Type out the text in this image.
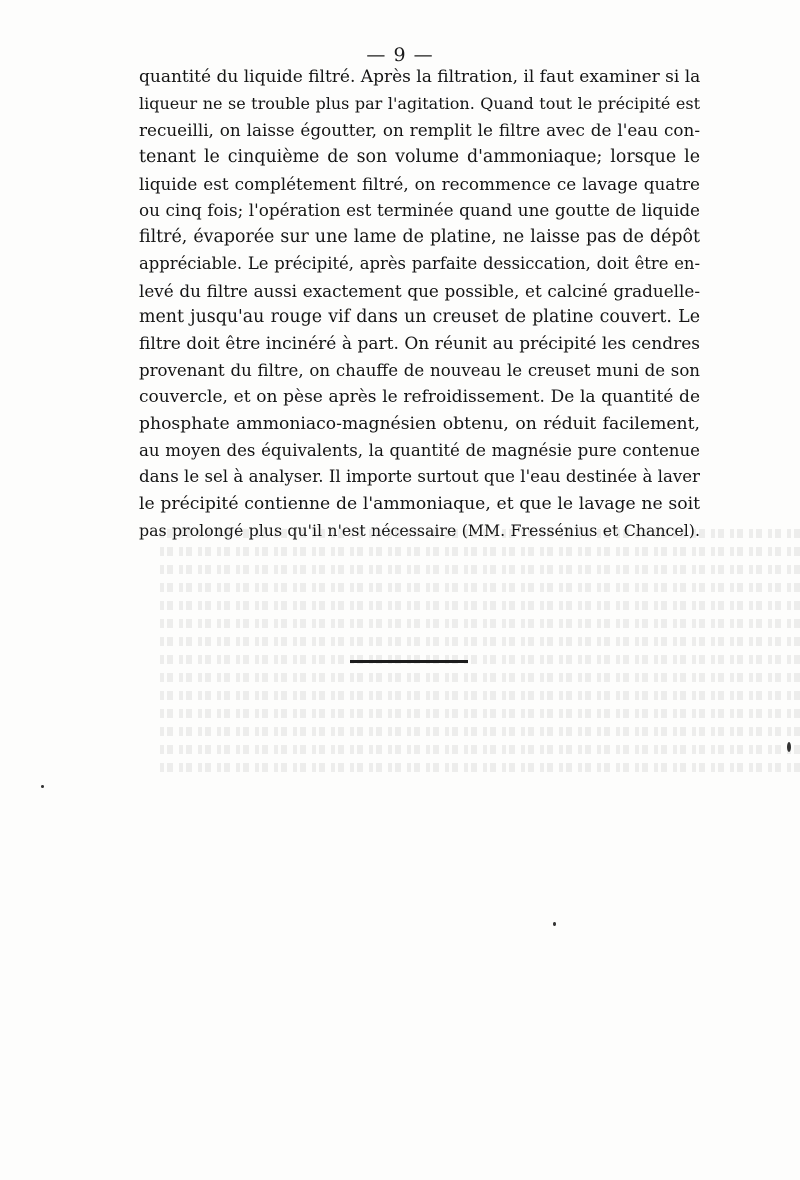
— 9 —
quantité du liquide filtré. Après la filtration, il faut examiner si la
liqueur ne se trouble plus par l'agitation. Quand tout le précipité est
recueilli, on laisse égoutter, on remplit le filtre avec de l'eau con-
tenant le cinquième de son volume d'ammoniaque; lorsque le
liquide est complétement filtré, on recommence ce lavage quatre
ou cinq fois; l'opération est terminée quand une goutte de liquide
filtré, évaporée sur une lame de platine, ne laisse pas de dépôt
appréciable. Le précipité, après parfaite dessiccation, doit être en-
levé du filtre aussi exactement que possible, et calciné graduelle-
ment jusqu'au rouge vif dans un creuset de platine couvert. Le
filtre doit être incinéré à part. On réunit au précipité les cendres
provenant du filtre, on chauffe de nouveau le creuset muni de son
couvercle, et on pèse après le refroidissement. De la quantité de
phosphate ammoniaco-magnésien obtenu, on réduit facilement,
au moyen des équivalents, la quantité de magnésie pure contenue
dans le sel à analyser. Il importe surtout que l'eau destinée à laver
le précipité contienne de l'ammoniaque, et que le lavage ne soit
pas prolongé plus qu'il n'est nécessaire (MM. Fressénius et Chancel).
